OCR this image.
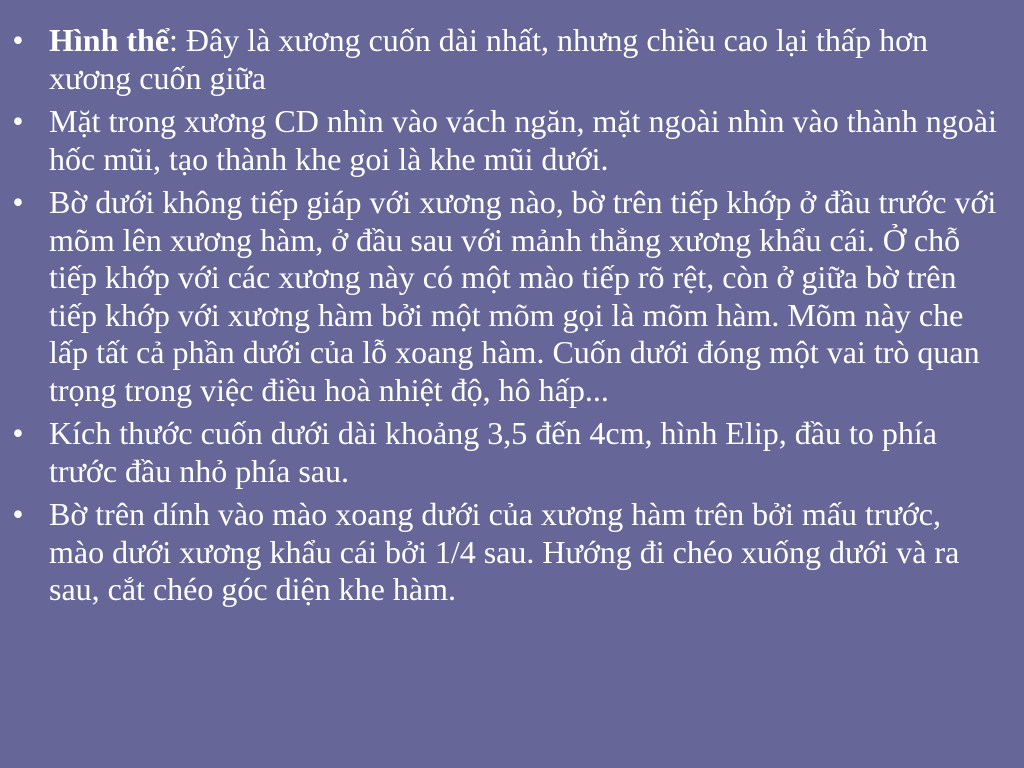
• Hình thể: Đây là xương cuốn dài nhất, nhưng chiều cao lại thấp hơn xương cuốn giữa
• Mặt trong xương CD nhìn vào vách ngăn, mặt ngoài nhìn vào thành ngoài hốc mũi, tạo thành khe goi là khe mũi dưới.
• Bờ dưới không tiếp giáp với xương nào, bờ trên tiếp khớp ở đầu trước với mõm lên xương hàm, ở đầu sau với mảnh thẳng xương khẩu cái. Ở chỗ tiếp khớp với các xương này có một mào tiếp rõ rệt, còn ở giữa bờ trên tiếp khớp với xương hàm bởi một mõm gọi là mõm hàm. Mõm này che lấp tất cả phần dưới của lỗ xoang hàm. Cuốn dưới đóng một vai trò quan trọng trong việc điều hoà nhiệt độ, hô hấp...
• Kích thước cuốn dưới dài khoảng 3,5 đến 4cm, hình Elip, đầu to phía trước đầu nhỏ phía sau.
• Bờ trên dính vào mào xoang dưới của xương hàm trên bởi mấu trước, mào dưới xương khẩu cái bởi 1/4 sau. Hướng đi chéo xuống dưới và ra sau, cắt chéo góc diện khe hàm.
